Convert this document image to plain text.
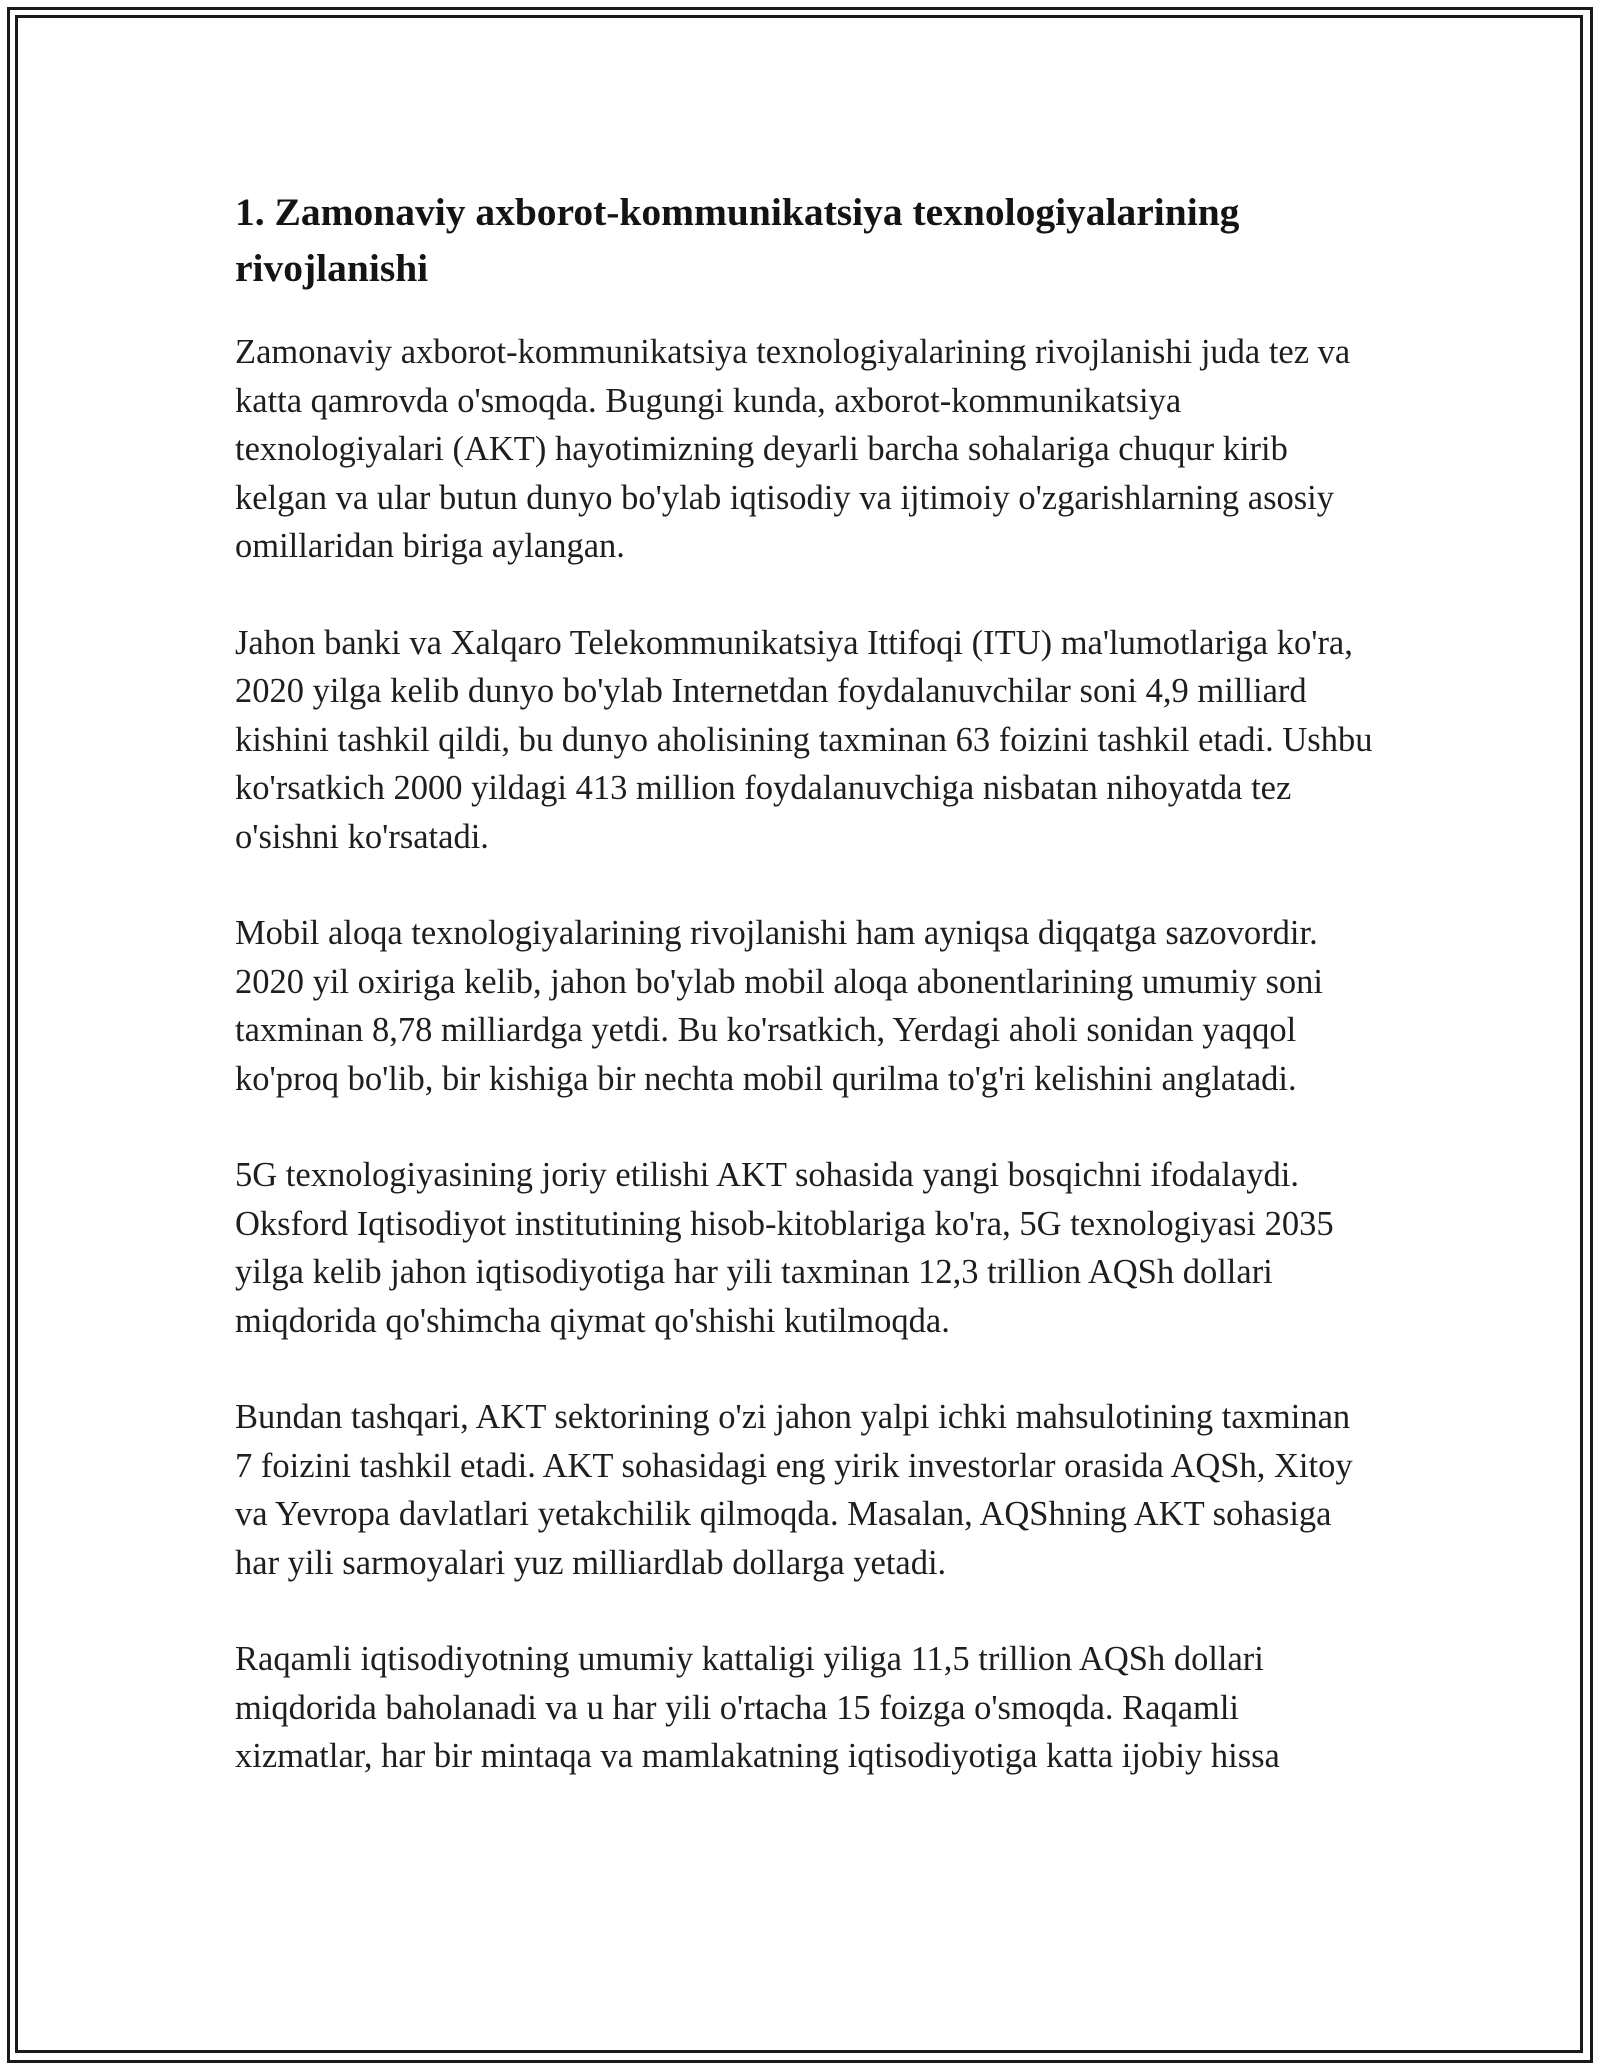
1. Zamonaviy axborot-kommunikatsiya texnologiyalarining rivojlanishi

Zamonaviy axborot-kommunikatsiya texnologiyalarining rivojlanishi juda tez va katta qamrovda o'smoqda. Bugungi kunda, axborot-kommunikatsiya texnologiyalari (AKT) hayotimizning deyarli barcha sohalariga chuqur kirib kelgan va ular butun dunyo bo'ylab iqtisodiy va ijtimoiy o'zgarishlarning asosiy omillaridan biriga aylangan.

Jahon banki va Xalqaro Telekommunikatsiya Ittifoqi (ITU) ma'lumotlariga ko'ra, 2020 yilga kelib dunyo bo'ylab Internetdan foydalanuvchilar soni 4,9 milliard kishini tashkil qildi, bu dunyo aholisining taxminan 63 foizini tashkil etadi. Ushbu ko'rsatkich 2000 yildagi 413 million foydalanuvchiga nisbatan nihoyatda tez o'sishni ko'rsatadi.

Mobil aloqa texnologiyalarining rivojlanishi ham ayniqsa diqqatga sazovordir. 2020 yil oxiriga kelib, jahon bo'ylab mobil aloqa abonentlarining umumiy soni taxminan 8,78 milliardga yetdi. Bu ko'rsatkich, Yerdagi aholi sonidan yaqqol ko'proq bo'lib, bir kishiga bir nechta mobil qurilma to'g'ri kelishini anglatadi.

5G texnologiyasining joriy etilishi AKT sohasida yangi bosqichni ifodalaydi. Oksford Iqtisodiyot institutining hisob-kitoblariga ko'ra, 5G texnologiyasi 2035 yilga kelib jahon iqtisodiyotiga har yili taxminan 12,3 trillion AQSh dollari miqdorida qo'shimcha qiymat qo'shishi kutilmoqda.

Bundan tashqari, AKT sektorining o'zi jahon yalpi ichki mahsulotining taxminan 7 foizini tashkil etadi. AKT sohasidagi eng yirik investorlar orasida AQSh, Xitoy va Yevropa davlatlari yetakchilik qilmoqda. Masalan, AQShning AKT sohasiga har yili sarmoyalari yuz milliardlab dollarga yetadi.

Raqamli iqtisodiyotning umumiy kattaligi yiliga 11,5 trillion AQSh dollari miqdorida baholanadi va u har yili o'rtacha 15 foizga o'smoqda. Raqamli xizmatlar, har bir mintaqa va mamlakatning iqtisodiyotiga katta ijobiy hissa
